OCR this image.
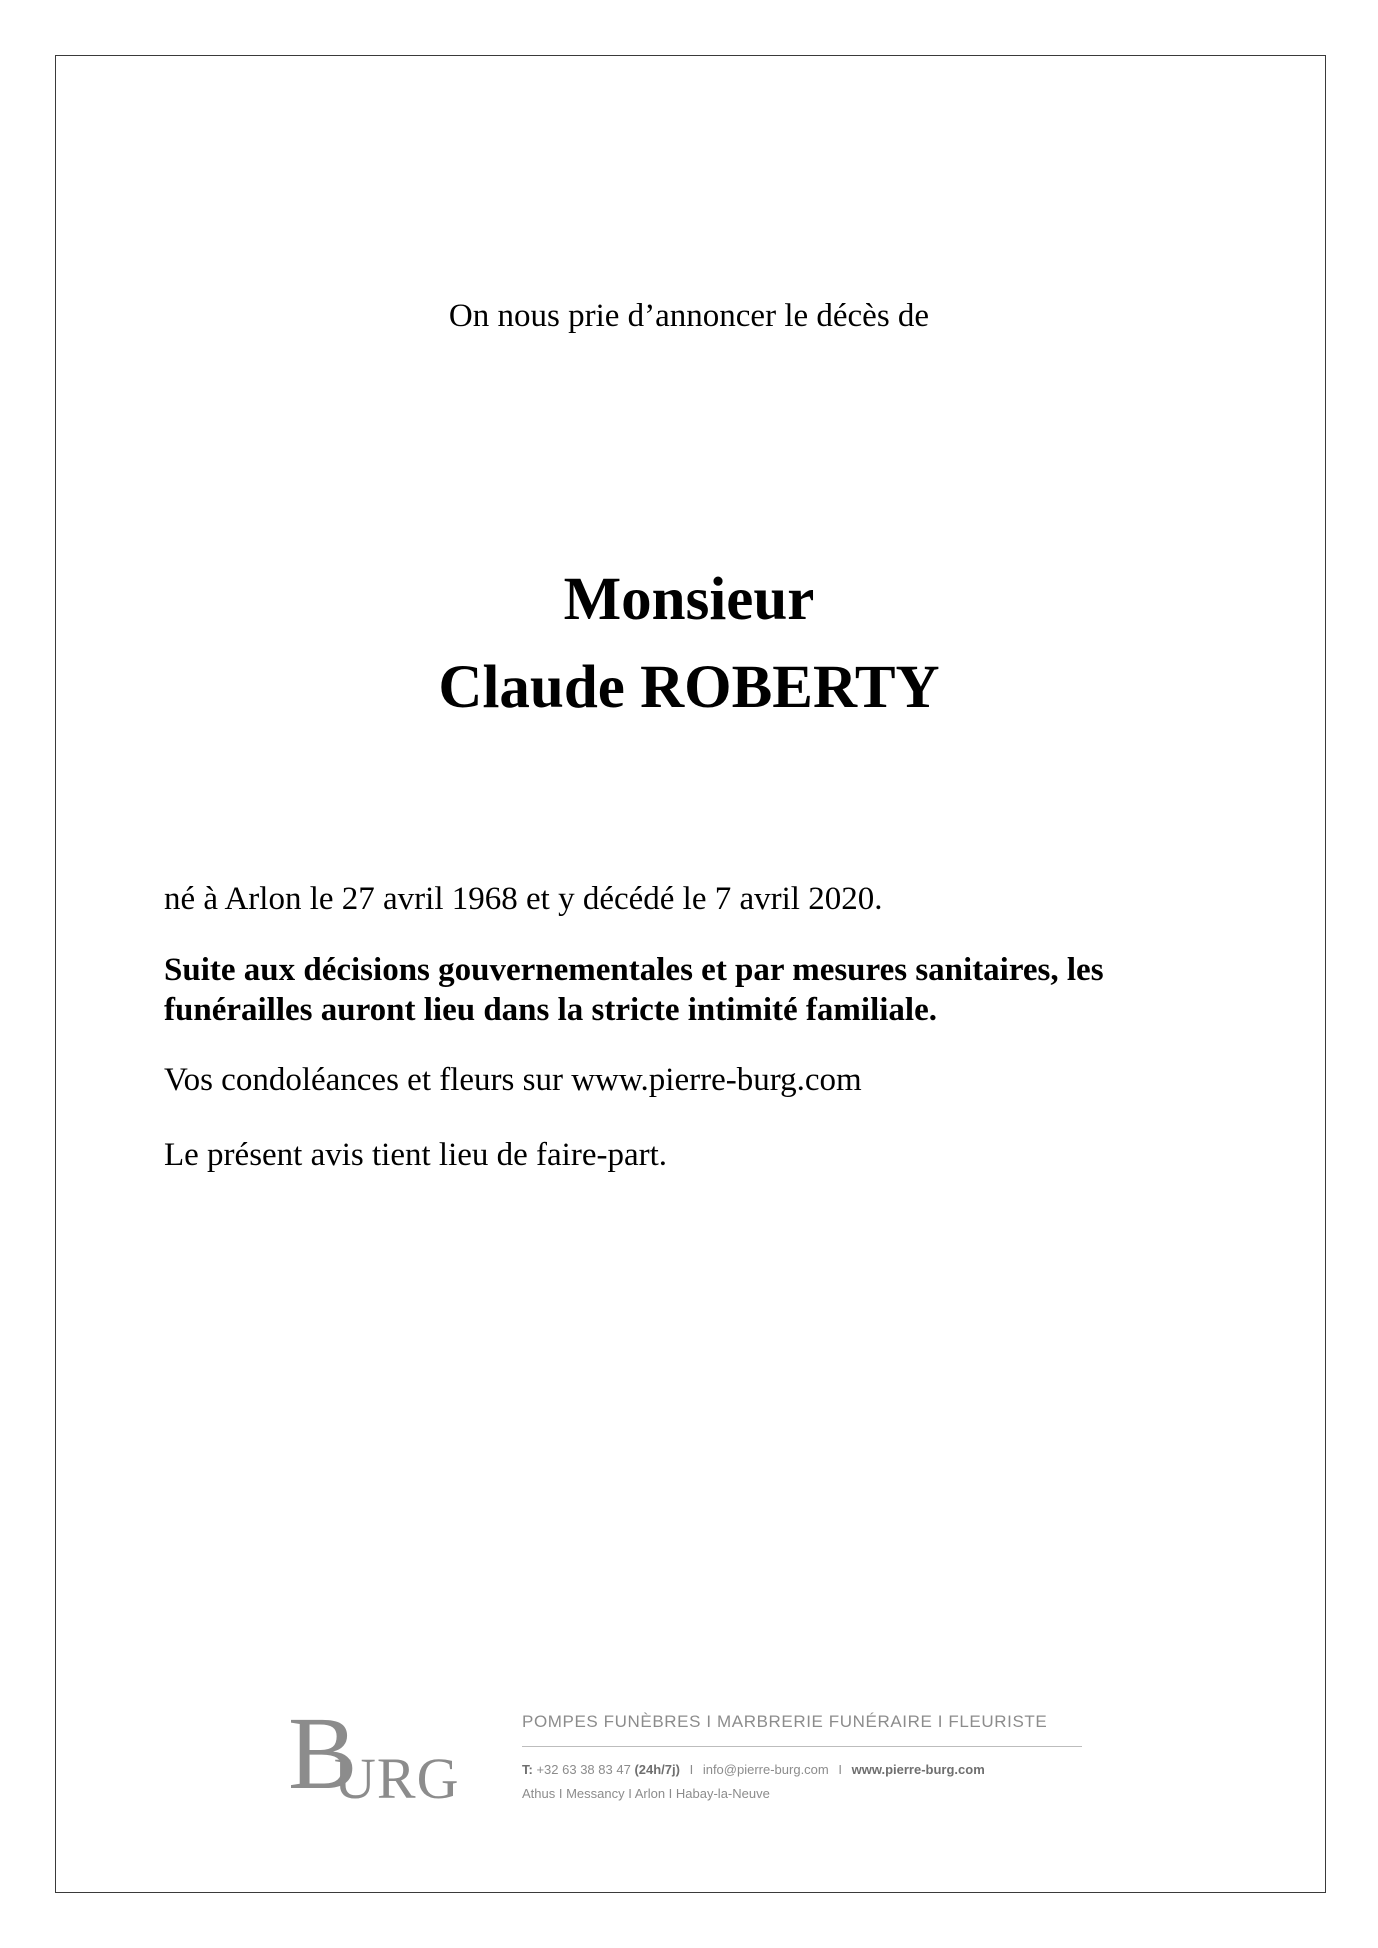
On nous prie d’annoncer le décès de
Monsieur
Claude ROBERTY
né à Arlon le 27 avril 1968 et y décédé le 7 avril 2020.
Suite aux décisions gouvernementales et par mesures sanitaires, les funérailles auront lieu dans la stricte intimité familiale.
Vos condoléances et fleurs sur www.pierre-burg.com
Le présent avis tient lieu de faire-part.
B
URG
POMPES FUNÈBRES I MARBRERIE FUNÉRAIRE I FLEURISTE
T: +32 63 38 83 47 (24h/7j) I info@pierre-burg.com I www.pierre-burg.com
Athus I Messancy I Arlon I Habay-la-Neuve
